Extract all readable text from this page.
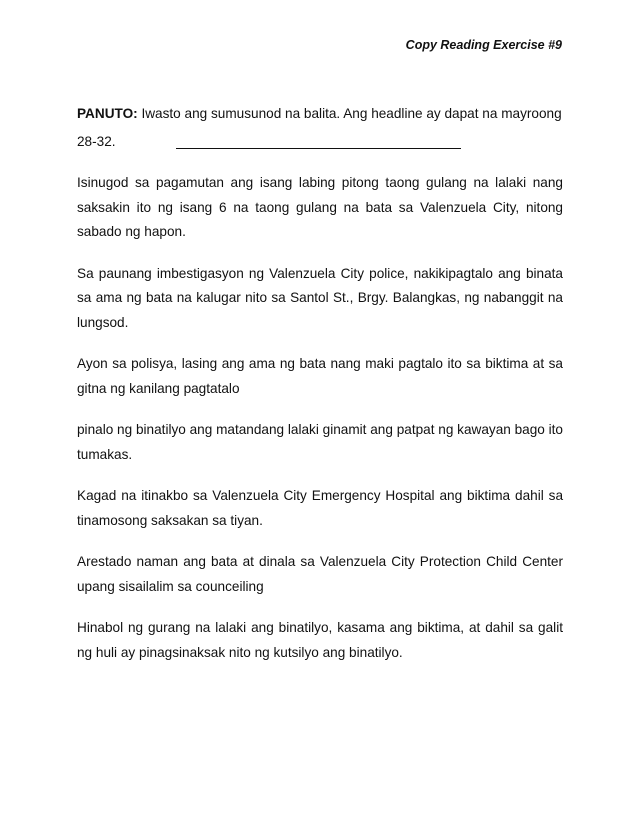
Copy Reading Exercise #9
PANUTO: Iwasto ang sumusunod na balita. Ang headline ay dapat na mayroong 28-32.

Isinugod sa pagamutan ang isang labing pitong taong gulang na lalaki nang saksakin ito ng isang 6 na taong gulang na bata sa Valenzuela City, nitong sabado ng hapon.

Sa paunang imbestigasyon ng Valenzuela City police, nakikipagtalo ang binata sa ama ng bata na kalugar nito sa Santol St., Brgy. Balangkas, ng nabanggit na lungsod.

Ayon sa polisya, lasing ang ama ng bata nang maki pagtalo ito sa biktima at sa gitna ng kanilang pagtatalo

pinalo ng binatilyo ang matandang lalaki ginamit ang patpat ng kawayan bago ito tumakas.

Kagad na itinakbo sa Valenzuela City Emergency Hospital ang biktima dahil sa tinamosong saksakan sa tiyan.

Arestado naman ang bata at dinala sa Valenzuela City Protection Child Center upang sisailalim sa counceiling

Hinabol ng gurang na lalaki ang binatilyo, kasama ang biktima, at dahil sa galit ng huli ay pinagsinaksak nito ng kutsilyo ang binatilyo.
